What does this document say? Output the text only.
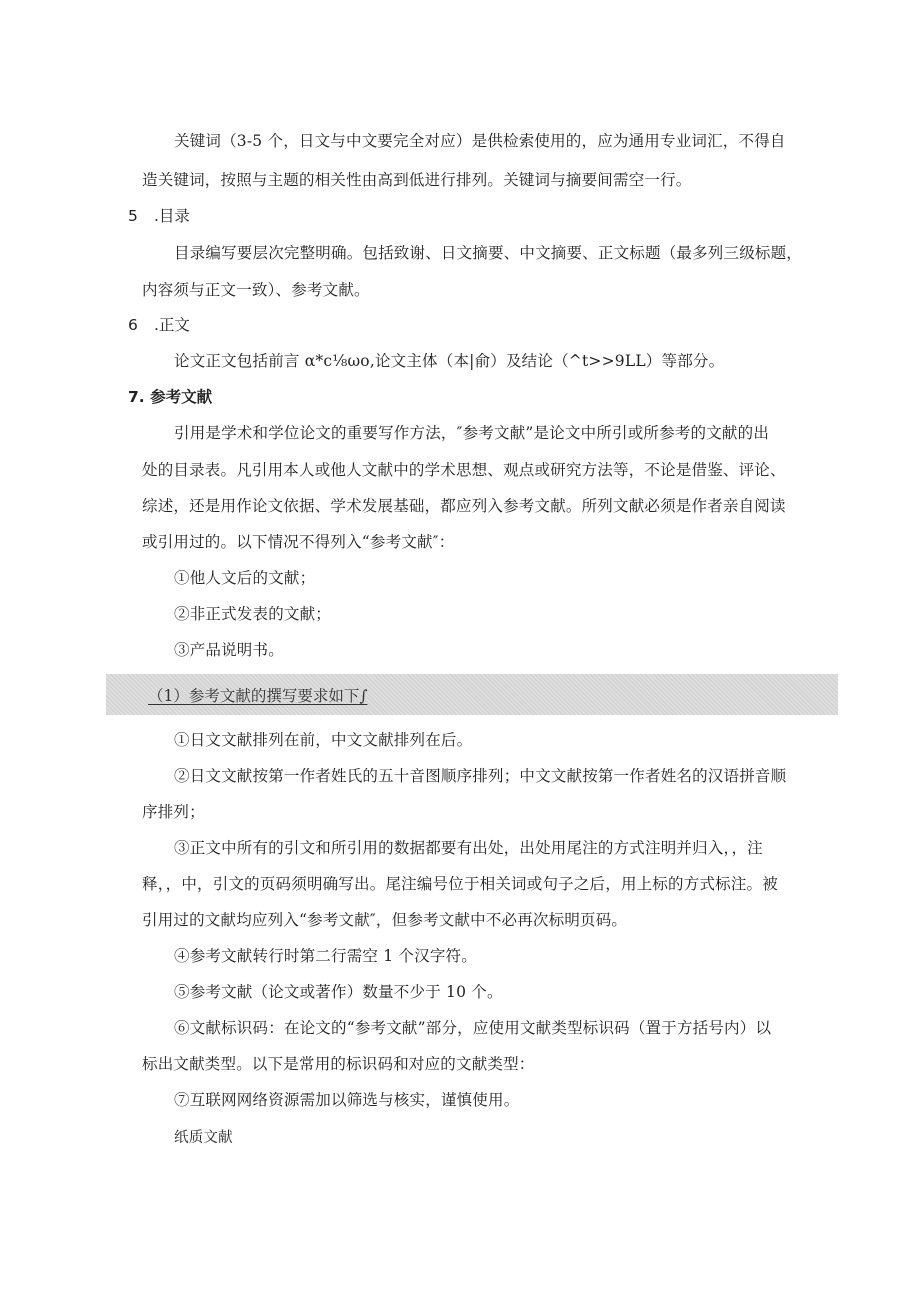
关键词（3-5 个，日文与中文要完全对应）是供检索使用的，应为通用专业词汇，不得自
造关键词，按照与主题的相关性由高到低进行排列。关键词与摘要间需空一行。
5 .目录
目录编写要层次完整明确。包括致谢、日文摘要、中文摘要、正文标题（最多列三级标题，
内容须与正文一致）、参考文献。
6 .正文
论文正文包括前言 α*c⅛ωo,论文主体（本|俞）及结论（^t>>9LL）等部分。
7. 参考文献
引用是学术和学位论文的重要写作方法，″参考文献”是论文中所引或所参考的文献的出
处的目录表。凡引用本人或他人文献中的学术思想、观点或研究方法等，不论是借鉴、评论、
综述，还是用作论文依据、学术发展基础，都应列入参考文献。所列文献必须是作者亲自阅读
或引用过的。以下情况不得列入“参考文献″：
①他人文后的文献；
②非正式发表的文献；
③产品说明书。
（1）参考文献的撰写要求如下∫
①日文文献排列在前，中文文献排列在后。
②日文文献按第一作者姓氏的五十音图顺序排列；中文文献按第一作者姓名的汉语拼音顺
序排列；
③正文中所有的引文和所引用的数据都要有出处，出处用尾注的方式注明并归入，，注
释，，中，引文的页码须明确写出。尾注编号位于相关词或句子之后，用上标的方式标注。被
引用过的文献均应列入“参考文献″，但参考文献中不必再次标明页码。
④参考文献转行时第二行需空 1 个汉字符。
⑤参考文献（论文或著作）数量不少于 10 个。
⑥文献标识码：在论文的“参考文献”部分，应使用文献类型标识码（置于方括号内）以
标出文献类型。以下是常用的标识码和对应的文献类型：
⑦互联网网络资源需加以筛选与核实，谨慎使用。
纸质文献
